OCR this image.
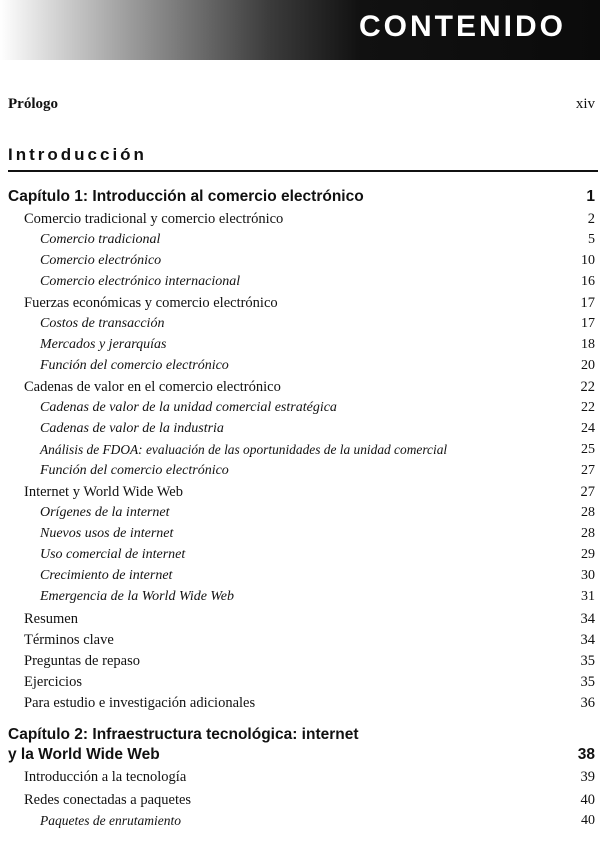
CONTENIDO
Prólogo	xiv
Introducción
Capítulo 1: Introducción al comercio electrónico	1
Comercio tradicional y comercio electrónico	2
Comercio tradicional	5
Comercio electrónico	10
Comercio electrónico internacional	16
Fuerzas económicas y comercio electrónico	17
Costos de transacción	17
Mercados y jerarquías	18
Función del comercio electrónico	20
Cadenas de valor en el comercio electrónico	22
Cadenas de valor de la unidad comercial estratégica	22
Cadenas de valor de la industria	24
Análisis de FDOA: evaluación de las oportunidades de la unidad comercial	25
Función del comercio electrónico	27
Internet y World Wide Web	27
Orígenes de la internet	28
Nuevos usos de internet	28
Uso comercial de internet	29
Crecimiento de internet	30
Emergencia de la World Wide Web	31
Resumen	34
Términos clave	34
Preguntas de repaso	35
Ejercicios	35
Para estudio e investigación adicionales	36
Capítulo 2: Infraestructura tecnológica: internet
y la World Wide Web	38
Introducción a la tecnología	39
Redes conectadas a paquetes	40
Paquetes de enrutamiento	40
